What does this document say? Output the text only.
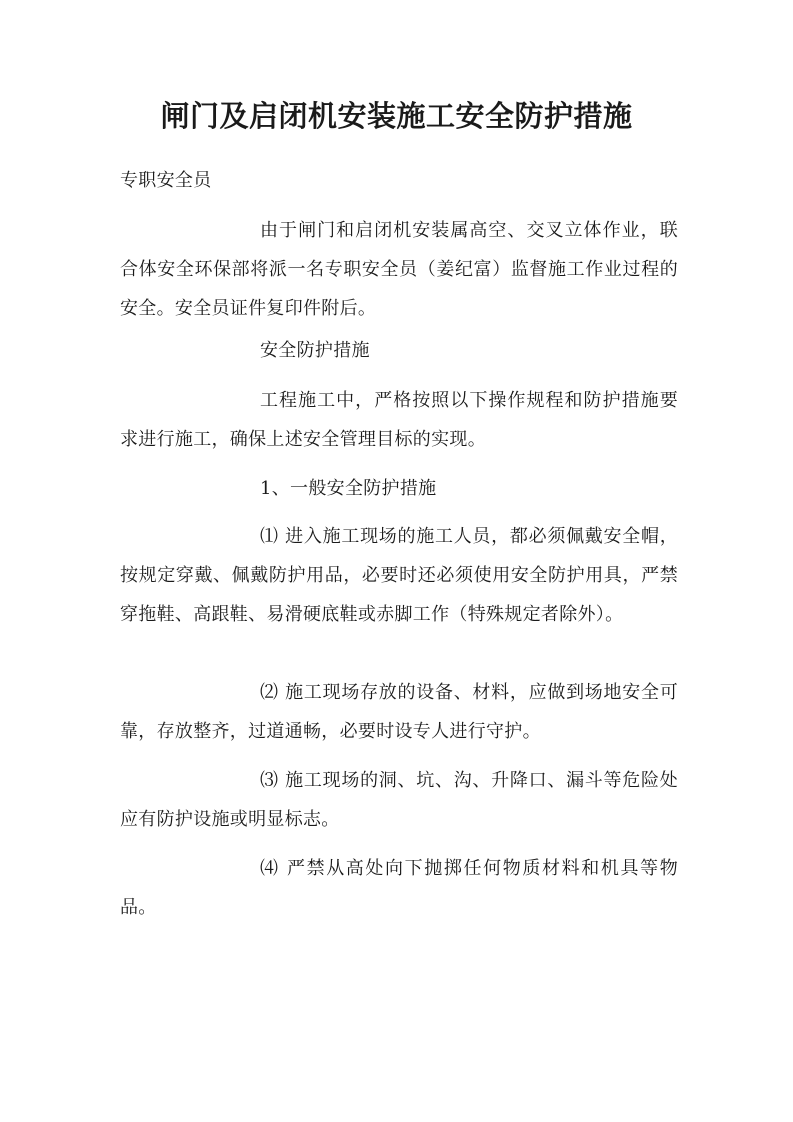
闸门及启闭机安装施工安全防护措施

专职安全员

由于闸门和启闭机安装属高空、交叉立体作业，联合体安全环保部将派一名专职安全员（姜纪富）监督施工作业过程的安全。安全员证件复印件附后。

安全防护措施

工程施工中，严格按照以下操作规程和防护措施要求进行施工，确保上述安全管理目标的实现。

1、一般安全防护措施

⑴ 进入施工现场的施工人员，都必须佩戴安全帽，按规定穿戴、佩戴防护用品，必要时还必须使用安全防护用具，严禁穿拖鞋、高跟鞋、易滑硬底鞋或赤脚工作（特殊规定者除外）。

⑵ 施工现场存放的设备、材料，应做到场地安全可靠，存放整齐，过道通畅，必要时设专人进行守护。

⑶ 施工现场的洞、坑、沟、升降口、漏斗等危险处应有防护设施或明显标志。

⑷ 严禁从高处向下抛掷任何物质材料和机具等物品。
